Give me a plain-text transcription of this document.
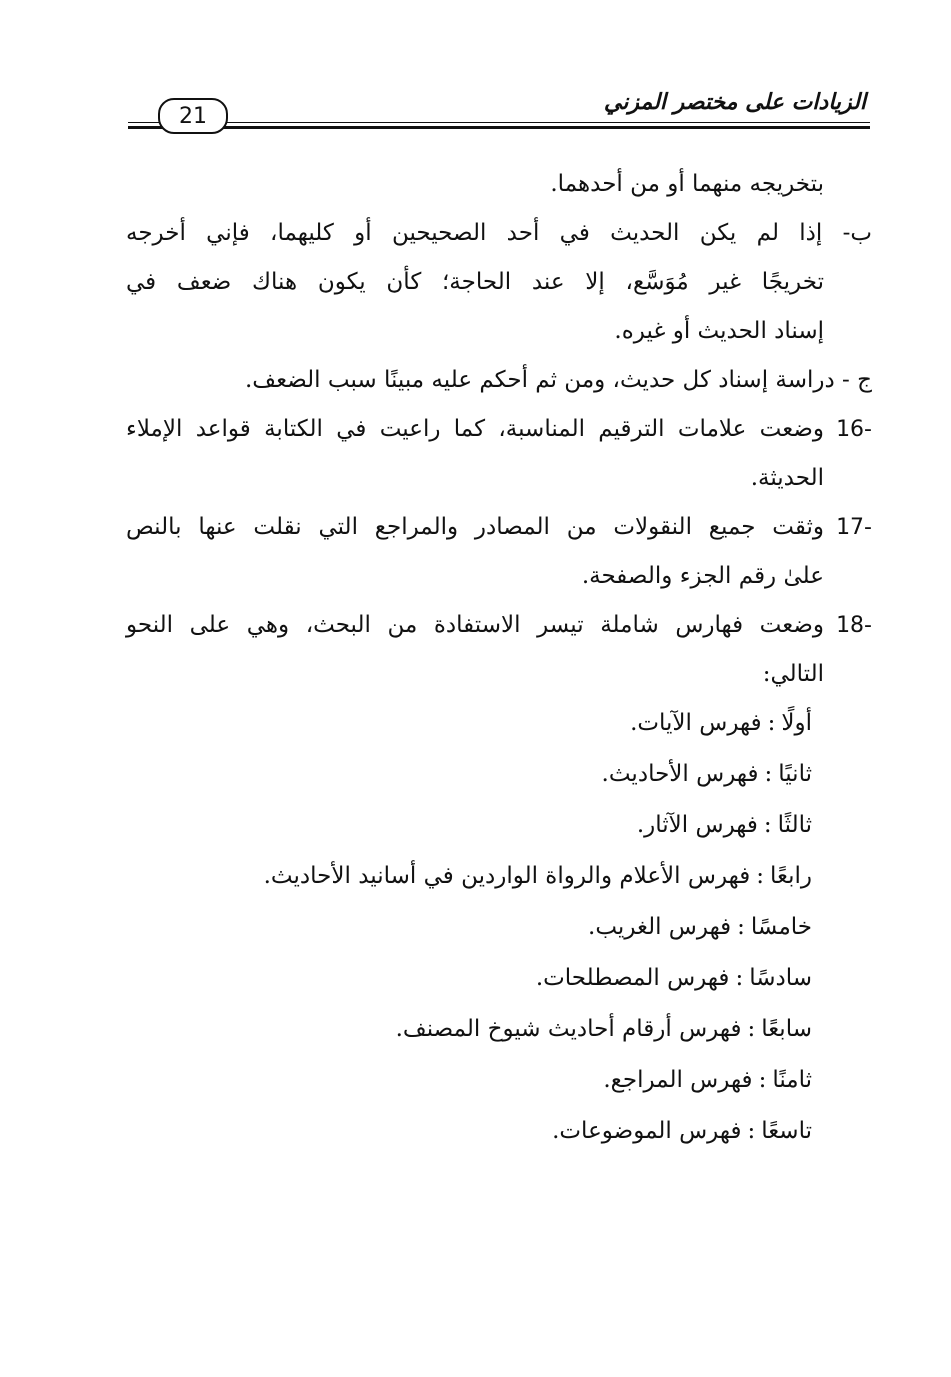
الزيادات على مختصر المزني
21
بتخريجه منهما أو من أحدهما.
ب- إذا لم يكن الحديث في أحد الصحيحين أو كليهما، فإني أخرجه
تخريجًا غير مُوَسَّع، إلا عند الحاجة؛ كأن يكون هناك ضعف في
إسناد الحديث أو غيره.
ج - دراسة إسناد كل حديث، ومن ثم أحكم عليه مبينًا سبب الضعف.
16-
وضعت علامات الترقيم المناسبة، كما راعيت في الكتابة قواعد الإملاء
الحديثة.
17-
وثقت جميع النقولات من المصادر والمراجع التي نقلت عنها بالنص
علىٰ رقم الجزء والصفحة.
18-
وضعت فهارس شاملة تيسر الاستفادة من البحث، وهي على النحو
التالي:
أولًا:فهرس الآيات.
ثانيًا:فهرس الأحاديث.
ثالثًا:فهرس الآثار.
رابعًا:فهرس الأعلام والرواة الواردين في أسانيد الأحاديث.
خامسًا:فهرس الغريب.
سادسًا:فهرس المصطلحات.
سابعًا:فهرس أرقام أحاديث شيوخ المصنف.
ثامنًا:فهرس المراجع.
تاسعًا:فهرس الموضوعات.
